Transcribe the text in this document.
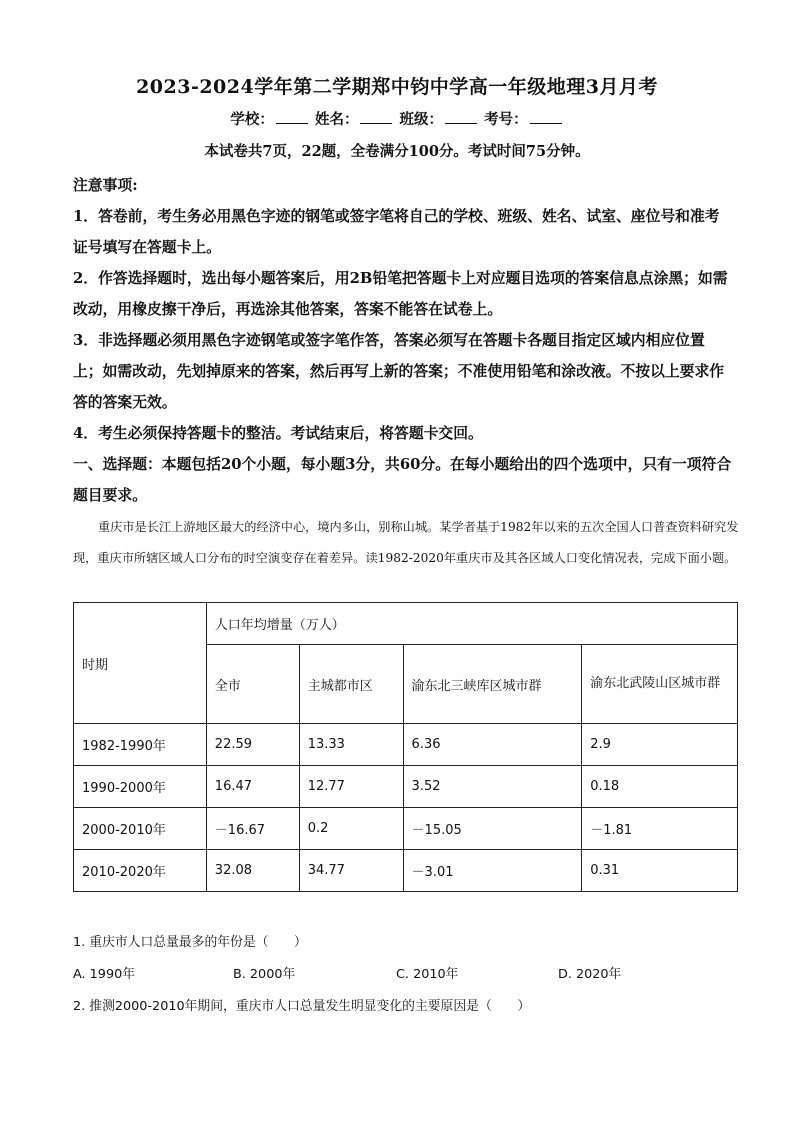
2023-2024学年第二学期郑中钧中学高一年级地理3月月考
学校：	姓名：	班级：	考号：
本试卷共7页，22题，全卷满分100分。考试时间75分钟。

注意事项:

1．答卷前，考生务必用黑色字迹的钢笔或签字笔将自己的学校、班级、姓名、试室、座位号和准考证号填写在答题卡上。

2．作答选择题时，选出每小题答案后，用2B铅笔把答题卡上对应题目选项的答案信息点涂黑；如需改动，用橡皮擦干净后，再选涂其他答案，答案不能答在试卷上。

3．非选择题必须用黑色字迹钢笔或签字笔作答，答案必须写在答题卡各题目指定区域内相应位置上；如需改动，先划掉原来的答案，然后再写上新的答案；不准使用铅笔和涂改液。不按以上要求作答的答案无效。

4．考生必须保持答题卡的整洁。考试结束后，将答题卡交回。

一、选择题：本题包括20个小题，每小题3分，共60分。在每小题给出的四个选项中，只有一项符合题目要求。

重庆市是长江上游地区最大的经济中心，境内多山，别称山城。某学者基于1982年以来的五次全国人口普查资料研究发现，重庆市所辖区域人口分布的时空演变存在着差异。读1982-2020年重庆市及其各区域人口变化情况表，完成下面小题。

时期	人口年均增量（万人）			
	全市	主城都市区	渝东北三峡库区城市群	渝东北武陵山区城市群
1982-1990年	22.59	13.33	6.36	2.9
1990-2000年	16.47	12.77	3.52	0.18
2000-2010年	－16.67	0.2	－15.05	－1.81
2010-2020年	32.08	34.77	－3.01	0.31
1. 重庆市人口总量最多的年份是（　　）
A. 1990年	B. 2000年	C. 2010年	D. 2020年
2. 推测2000-2010年期间，重庆市人口总量发生明显变化的主要原因是（　　）
